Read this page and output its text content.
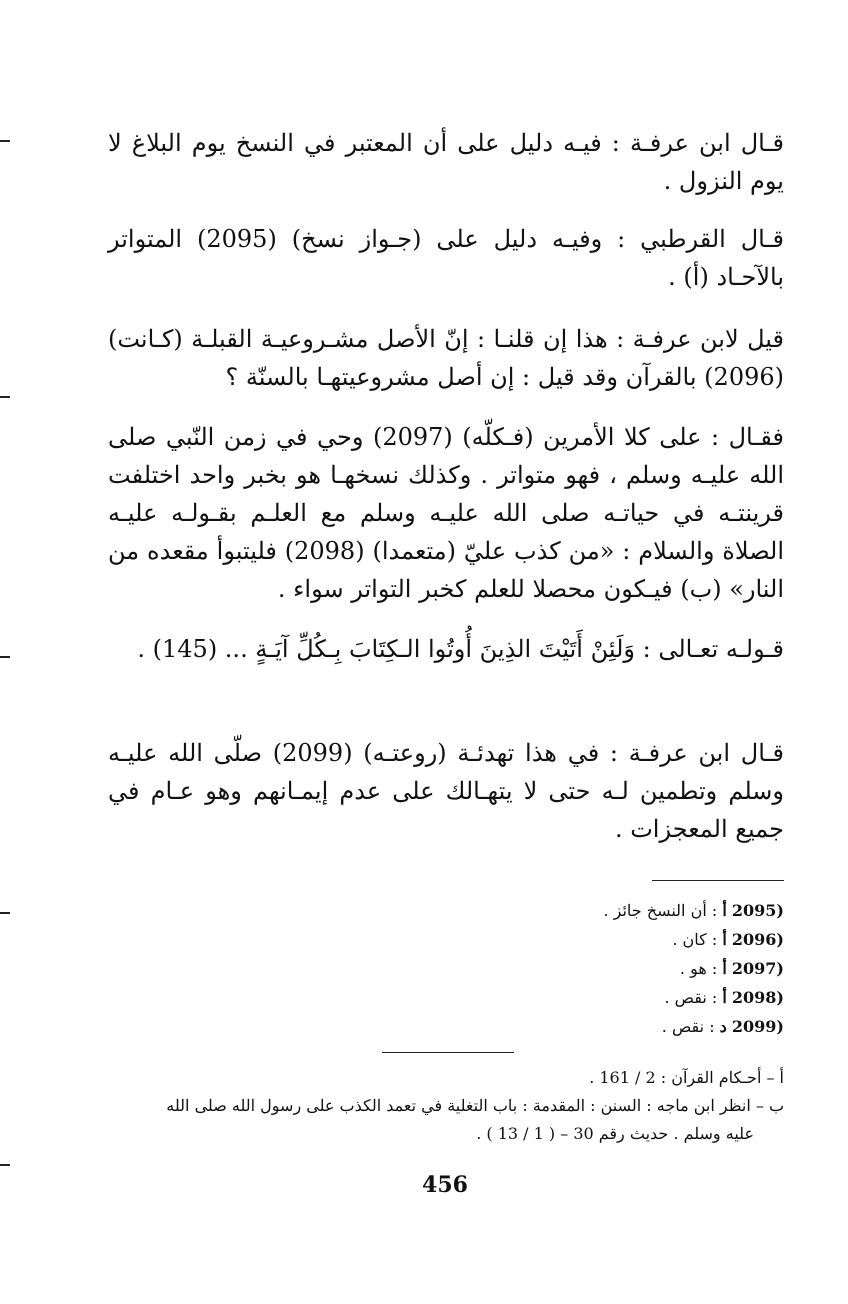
قـال ابن عرفـة : فيـه دليل على أن المعتبر في النسخ يوم البلاغ لا يوم النزول .

قـال القرطبي : وفيـه دليل على (جـواز نسخ) (2095) المتواتر بالآحـاد (أ) .

قيل لابن عرفـة : هذا إن قلنـا : إنّ الأصل مشـروعيـة القبلـة (كـانت) (2096) بالقرآن وقد قيل : إن أصل مشروعيتهـا بالسنّة ؟

فقـال : على كلا الأمرين (فـكلّه) (2097) وحي في زمن النّبي صلى الله عليـه وسلم ، فهو متواتر . وكذلك نسخهـا هو بخبر واحد اختلفت قرينتـه في حياتـه صلى الله عليـه وسلم مع العلـم بقـولـه عليـه الصلاة والسلام : «من كذب عليّ (متعمدا) (2098) فليتبوأ مقعده من النار» (ب) فيـكون محصلا للعلم كخبر التواتر سواء .

قـولـه تعـالى : وَلَئِنْ أَتَيْتَ الذِينَ أُوتُوا الـكِتَابَ بِـكُلِّ آيَـةٍ ... (145) .

قـال ابن عرفـة : في هذا تهدئـة (روعتـه) (2099) صلّى الله عليـه وسلم وتطمين لـه حتى لا يتهـالك على عدم إيمـانهم وهو عـام في جميع المعجزات .

(2095 أ : أن النسخ جائز .
(2096 أ : كان .
(2097 أ : هو .
(2098 أ : نقص .
(2099 د : نقص .
أ – أحـكام القرآن : 2 / 161 .
ب – انظر ابن ماجه : السنن : المقدمة : باب التغلية في تعمد الكذب على رسول الله صلى الله
عليه وسلم . حديث رقم 30 – ( 1 / 13 ) .
456
